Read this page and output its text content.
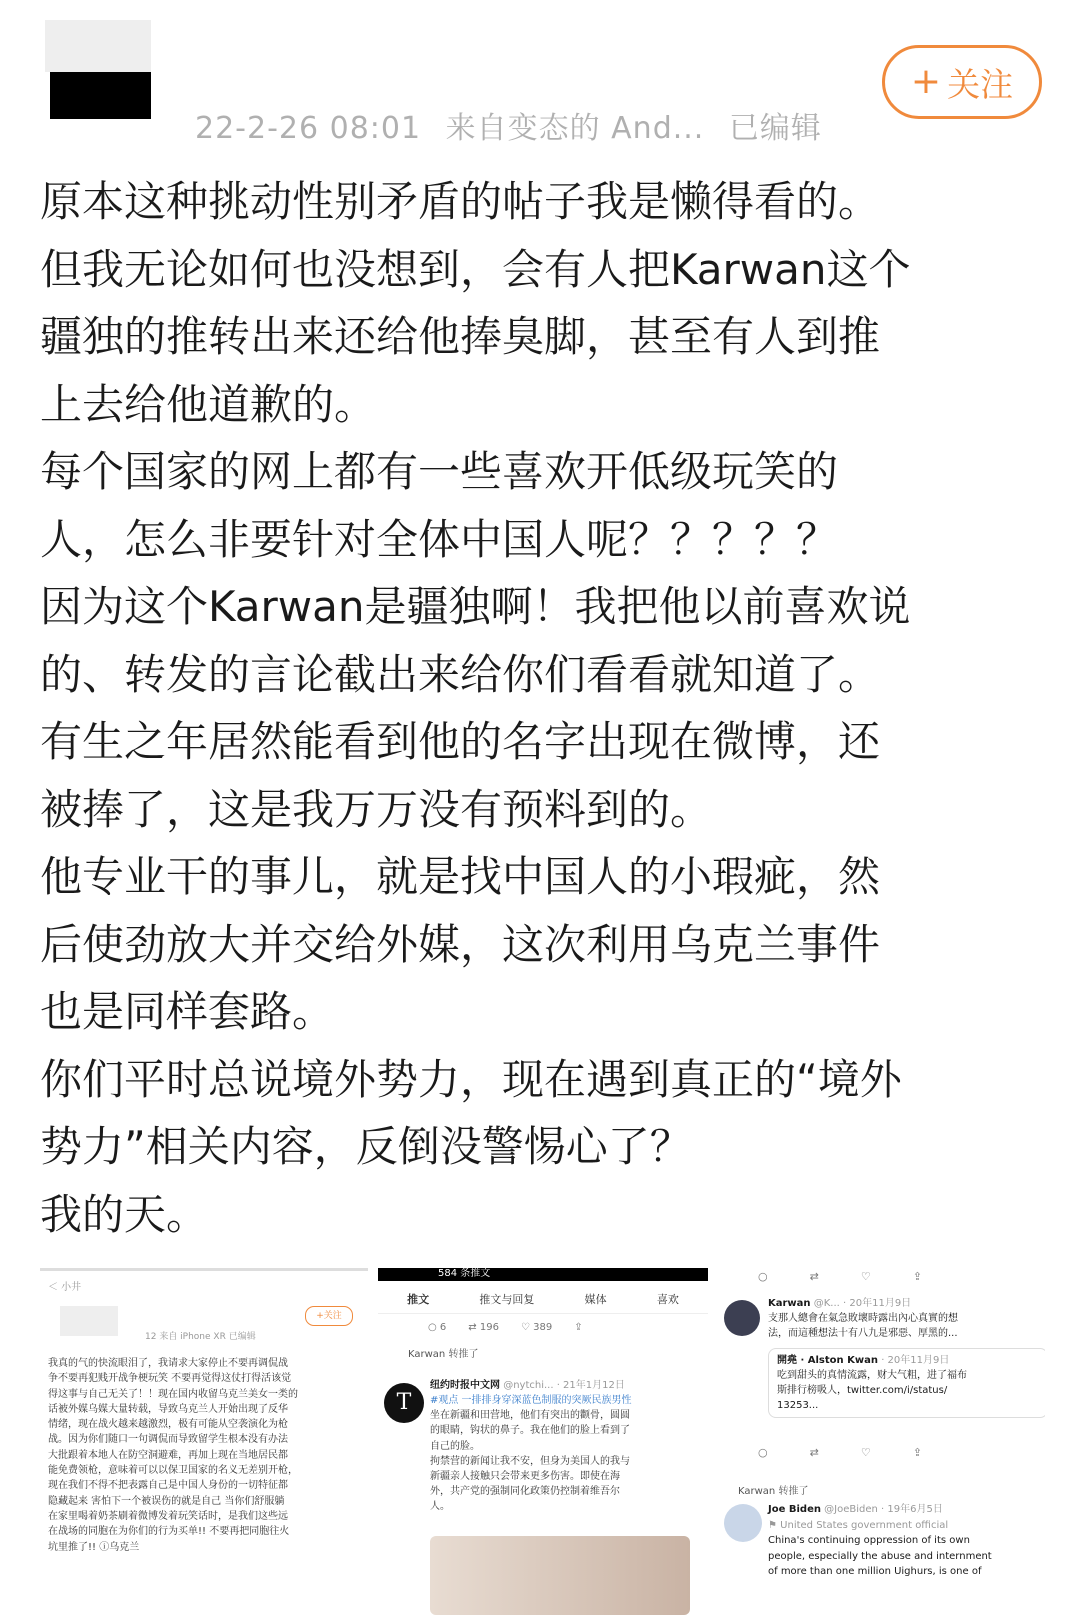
22-2-26 08:01 来自变态的 And... 已编辑
+ 关注

原本这种挑动性别矛盾的帖子我是懒得看的。

但我无论如何也没想到，会有人把Karwan这个

疆独的推转出来还给他捧臭脚，甚至有人到推

上去给他道歉的。

每个国家的网上都有一些喜欢开低级玩笑的

人，怎么非要针对全体中国人呢？？？？？

因为这个Karwan是疆独啊！我把他以前喜欢说

的、转发的言论截出来给你们看看就知道了。

有生之年居然能看到他的名字出现在微博，还

被捧了，这是我万万没有预料到的。

他专业干的事儿，就是找中国人的小瑕疵，然

后使劲放大并交给外媒，这次利用乌克兰事件

也是同样套路。

你们平时总说境外势力，现在遇到真正的“境外

势力”相关内容，反倒没警惕心了？

我的天。

＜ 小井
+关注
12 来自 iPhone XR 已编辑
我真的气的快流眼泪了，我请求大家停止不要再调侃战
争不要再犯贱开战争梗玩笑 不要再觉得这仗打得活该觉
得这事与自己无关了！！现在国内收留乌克兰美女一类的
话被外媒乌媒大量转载，导致乌克兰人开始出现了反华
情绪，现在战火越来越激烈，极有可能从空袭演化为枪
战。因为你们随口一句调侃而导致留学生根本没有办法
大批跟着本地人在防空洞避难，再加上现在当地居民都
能免费领枪，意味着可以以保卫国家的名义无差别开枪，
现在我们不得不把表露自己是中国人身份的一切特征都
隐藏起来 害怕下一个被误伤的就是自己 当你们舒服躺
在家里喝着奶茶刷着微博发着玩笑话时，是我们这些远
在战场的同胞在为你们的行为买单!! 不要再把同胞往火
坑里推了!! ⓘ乌克兰
584 条推文
推文	推文与回复	媒体	喜欢
○ 6 ⇄ 196 ♡ 389 ⇪
Karwan 转推了
T
纽约时报中文网 @nytchi... · 21年1月12日
#观点 一排排身穿深蓝色制服的突厥民族男性
坐在新疆和田营地，他们有突出的颧骨，圆圆
的眼睛，钩状的鼻子。我在他们的脸上看到了
自己的脸。
拘禁营的新闻让我不安，但身为美国人的我与
新疆亲人接触只会带来更多伤害。即使在海
外，共产党的强制同化政策仍控制着维吾尔
人。
○	⇄	♡	⇪
Karwan @K... · 20年11月9日
支那人總會在氣急敗壞時露出內心真實的想
法，而這種想法十有八九是邪惡、厚黑的...
開堯 · Alston Kwan · 20年11月9日
吃到甜头的真情流露，财大气粗，进了福布
斯排行榜吸人，twitter.com/i/status/
13253...
○	⇄	♡	⇪
Karwan 转推了
Joe Biden @JoeBiden · 19年6月5日
⚑ United States government official
China's continuing oppression of its own
people, especially the abuse and internment
of more than one million Uighurs, is one of
